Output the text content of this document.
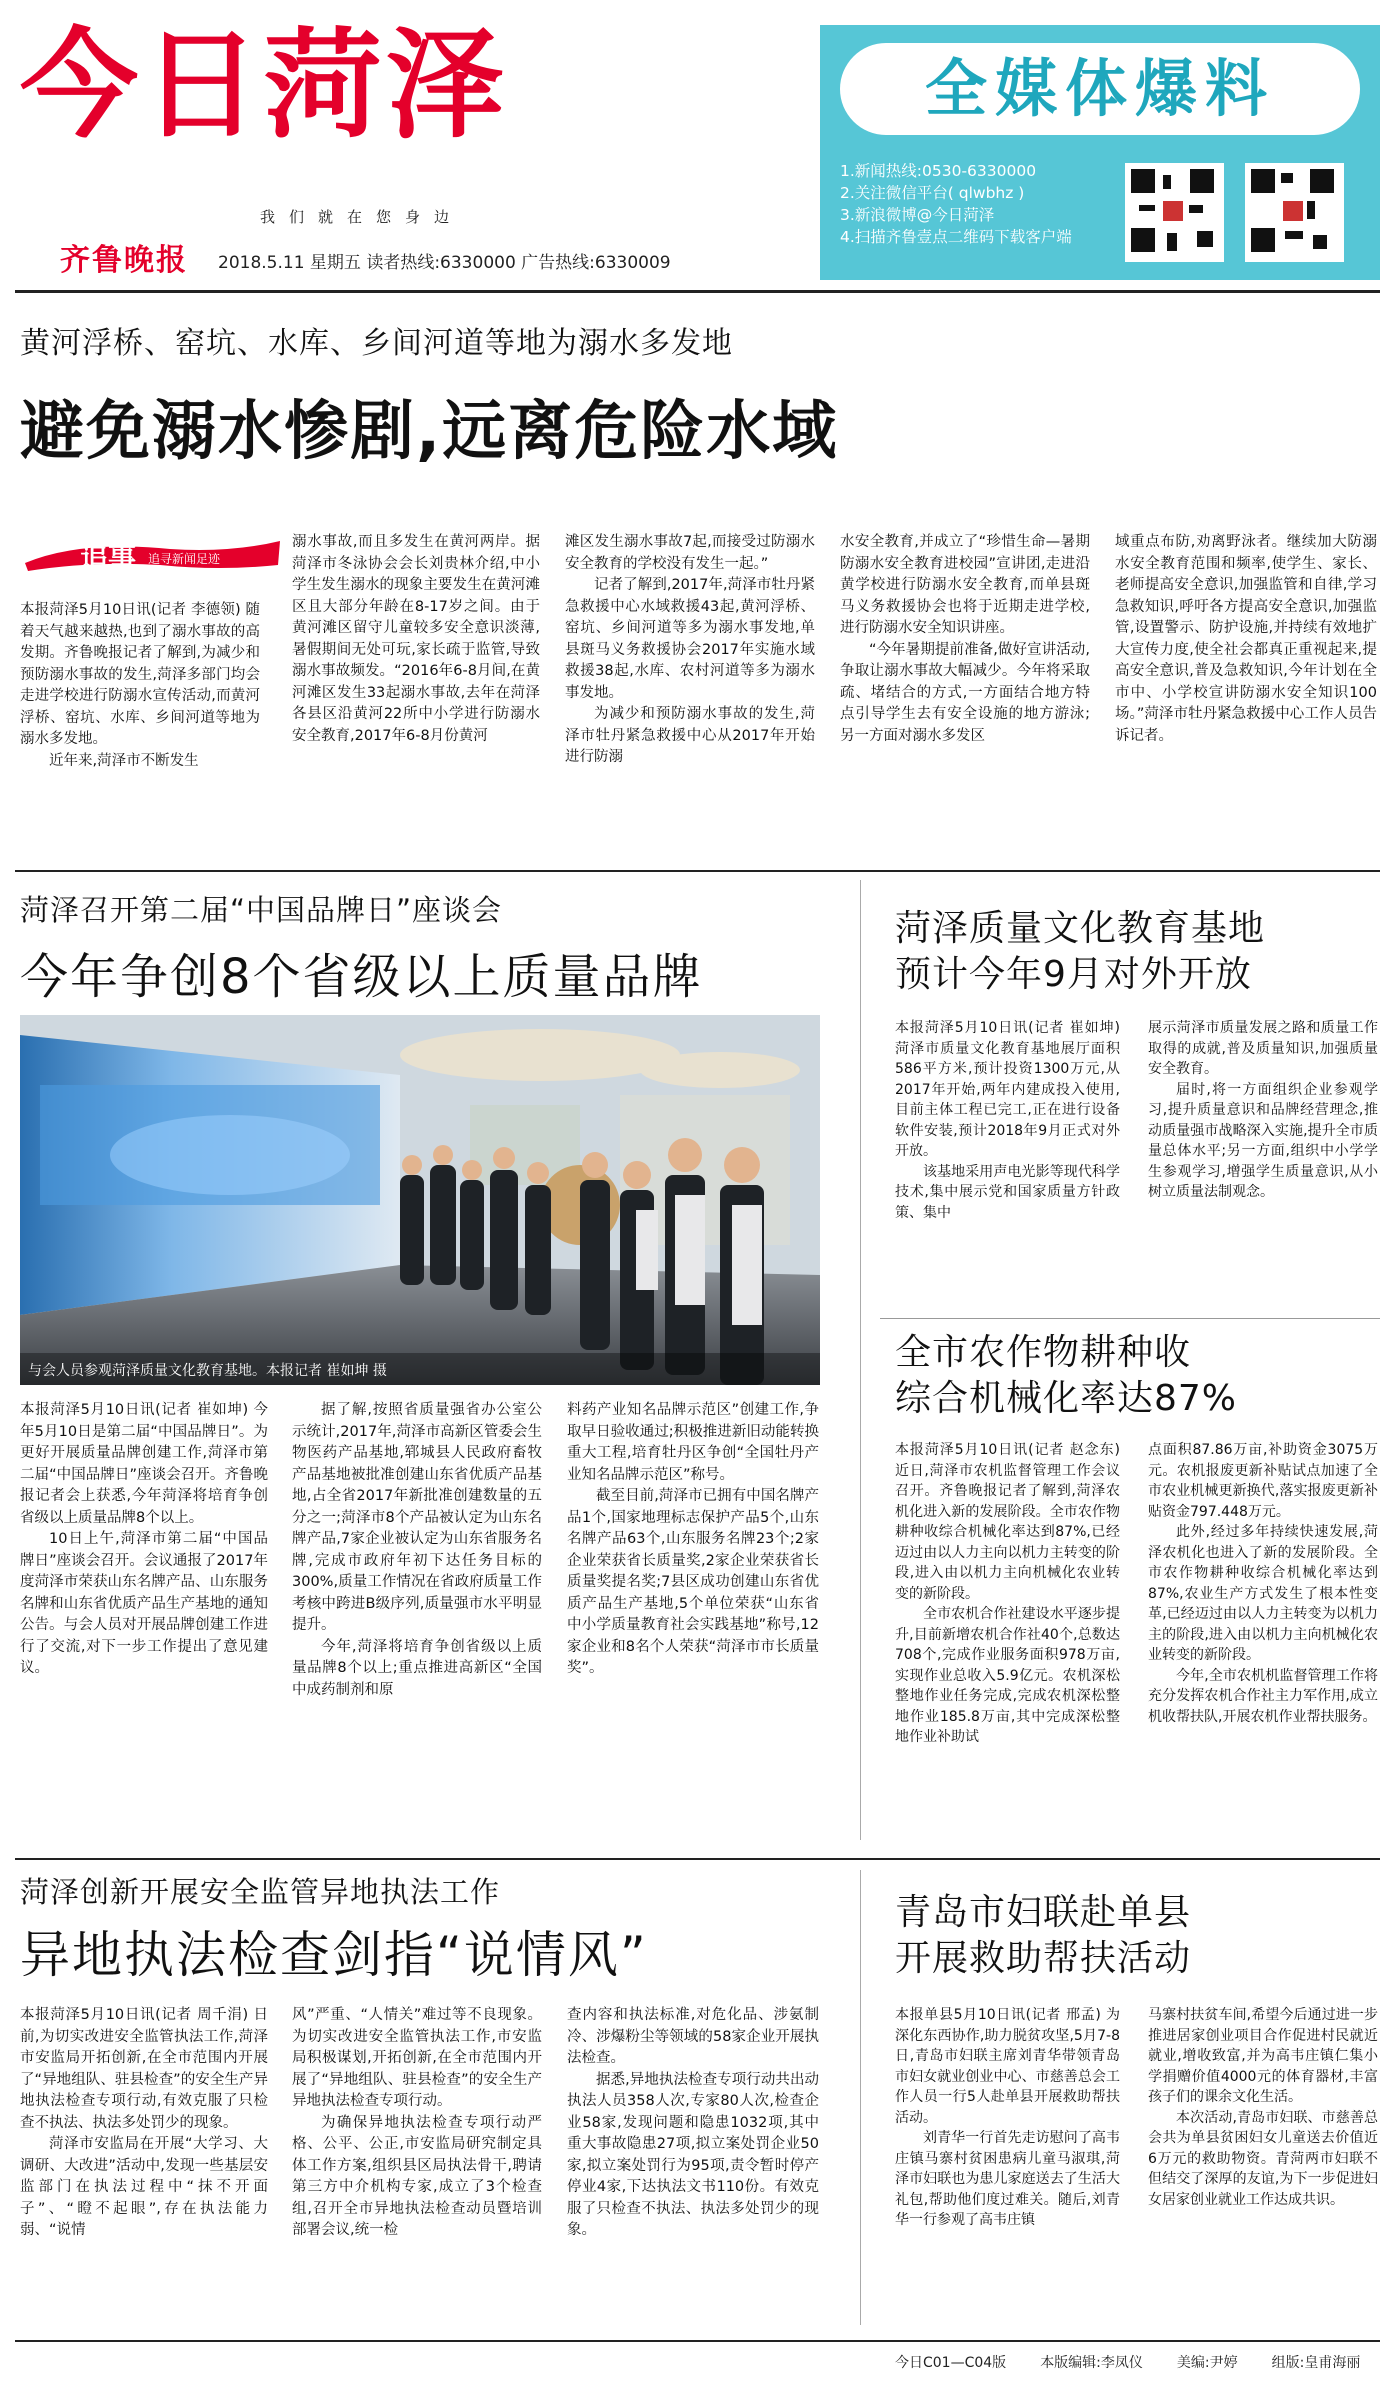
今日菏泽
我们就在您身边
齐鲁晚报 2018.5.11 星期五 读者热线:6330000 广告热线:6330009
全媒体爆料
1.新闻热线:0530-6330000
2.关注微信平台( qlwbhz )
3.新浪微博@今日菏泽
4.扫描齐鲁壹点二维码下载客户端
黄河浮桥、窑坑、水库、乡间河道等地为溺水多发地
避免溺水惨剧,远离危险水域
追事 追寻新闻足迹

本报菏泽5月10日讯(记者 李德领) 随着天气越来越热,也到了溺水事故的高发期。齐鲁晚报记者了解到,为减少和预防溺水事故的发生,菏泽多部门均会走进学校进行防溺水宣传活动,而黄河浮桥、窑坑、水库、乡间河道等地为溺水多发地。

近年来,菏泽市不断发生

溺水事故,而且多发生在黄河两岸。据菏泽市冬泳协会会长刘贵林介绍,中小学生发生溺水的现象主要发生在黄河滩区且大部分年龄在8-17岁之间。由于黄河滩区留守儿童较多安全意识淡薄,暑假期间无处可玩,家长疏于监管,导致溺水事故频发。“2016年6-8月间,在黄河滩区发生33起溺水事故,去年在菏泽各县区沿黄河22所中小学进行防溺水安全教育,2017年6-8月份黄河

滩区发生溺水事故7起,而接受过防溺水安全教育的学校没有发生一起。”

记者了解到,2017年,菏泽市牡丹紧急救援中心水域救援43起,黄河浮桥、窑坑、乡间河道等多为溺水事发地,单县斑马义务救援协会2017年实施水域救援38起,水库、农村河道等多为溺水事发地。

为减少和预防溺水事故的发生,菏泽市牡丹紧急救援中心从2017年开始进行防溺

水安全教育,并成立了“珍惜生命—暑期防溺水安全教育进校园”宣讲团,走进沿黄学校进行防溺水安全教育,而单县斑马义务救援协会也将于近期走进学校,进行防溺水安全知识讲座。

“今年暑期提前准备,做好宣讲活动,争取让溺水事故大幅减少。今年将采取疏、堵结合的方式,一方面结合地方特点引导学生去有安全设施的地方游泳;另一方面对溺水多发区

域重点布防,劝离野泳者。继续加大防溺水安全教育范围和频率,使学生、家长、老师提高安全意识,加强监管和自律,学习急救知识,呼吁各方提高安全意识,加强监管,设置警示、防护设施,并持续有效地扩大宣传力度,使全社会都真正重视起来,提高安全意识,普及急救知识,今年计划在全市中、小学校宣讲防溺水安全知识100场。”菏泽市牡丹紧急救援中心工作人员告诉记者。

菏泽召开第二届“中国品牌日”座谈会
今年争创8个省级以上质量品牌
与会人员参观菏泽质量文化教育基地。本报记者 崔如坤 摄

本报菏泽5月10日讯(记者 崔如坤) 今年5月10日是第二届“中国品牌日”。为更好开展质量品牌创建工作,菏泽市第二届“中国品牌日”座谈会召开。齐鲁晚报记者会上获悉,今年菏泽将培育争创省级以上质量品牌8个以上。

10日上午,菏泽市第二届“中国品牌日”座谈会召开。会议通报了2017年度菏泽市荣获山东名牌产品、山东服务名牌和山东省优质产品生产基地的通知公告。与会人员对开展品牌创建工作进行了交流,对下一步工作提出了意见建议。

据了解,按照省质量强省办公室公示统计,2017年,菏泽市高新区管委会生物医药产品基地,郓城县人民政府畜牧产品基地被批准创建山东省优质产品基地,占全省2017年新批准创建数量的五分之一;菏泽市8个产品被认定为山东名牌产品,7家企业被认定为山东省服务名牌,完成市政府年初下达任务目标的300%,质量工作情况在省政府质量工作考核中跨进B级序列,质量强市水平明显提升。

今年,菏泽将培育争创省级以上质量品牌8个以上;重点推进高新区“全国中成药制剂和原

料药产业知名品牌示范区”创建工作,争取早日验收通过;积极推进新旧动能转换重大工程,培育牡丹区争创“全国牡丹产业知名品牌示范区”称号。

截至目前,菏泽市已拥有中国名牌产品1个,国家地理标志保护产品5个,山东名牌产品63个,山东服务名牌23个;2家企业荣获省长质量奖,2家企业荣获省长质量奖提名奖;7县区成功创建山东省优质产品生产基地,5个单位荣获“山东省中小学质量教育社会实践基地”称号,12家企业和8名个人荣获“菏泽市市长质量奖”。

菏泽质量文化教育基地
预计今年9月对外开放

本报菏泽5月10日讯(记者 崔如坤) 菏泽市质量文化教育基地展厅面积586平方米,预计投资1300万元,从2017年开始,两年内建成投入使用,目前主体工程已完工,正在进行设备软件安装,预计2018年9月正式对外开放。

该基地采用声电光影等现代科学技术,集中展示党和国家质量方针政策、集中

展示菏泽市质量发展之路和质量工作取得的成就,普及质量知识,加强质量安全教育。

届时,将一方面组织企业参观学习,提升质量意识和品牌经营理念,推动质量强市战略深入实施,提升全市质量总体水平;另一方面,组织中小学学生参观学习,增强学生质量意识,从小树立质量法制观念。

全市农作物耕种收
综合机械化率达87%

本报菏泽5月10日讯(记者 赵念东) 近日,菏泽市农机监督管理工作会议召开。齐鲁晚报记者了解到,菏泽农机化进入新的发展阶段。全市农作物耕种收综合机械化率达到87%,已经迈过由以人力主向以机力主转变的阶段,进入由以机力主向机械化农业转变的新阶段。

全市农机合作社建设水平逐步提升,目前新增农机合作社40个,总数达708个,完成作业服务面积978万亩,实现作业总收入5.9亿元。农机深松整地作业任务完成,完成农机深松整地作业185.8万亩,其中完成深松整地作业补助试

点面积87.86万亩,补助资金3075万元。农机报废更新补贴试点加速了全市农业机械更新换代,落实报废更新补贴资金797.448万元。

此外,经过多年持续快速发展,菏泽农机化也进入了新的发展阶段。全市农作物耕种收综合机械化率达到87%,农业生产方式发生了根本性变革,已经迈过由以人力主转变为以机力主的阶段,进入由以机力主向机械化农业转变的新阶段。

今年,全市农机机监督管理工作将充分发挥农机合作社主力军作用,成立机收帮扶队,开展农机作业帮扶服务。

菏泽创新开展安全监管异地执法工作
异地执法检查剑指“说情风”

本报菏泽5月10日讯(记者 周千涓) 日前,为切实改进安全监管执法工作,菏泽市安监局开拓创新,在全市范围内开展了“异地组队、驻县检查”的安全生产异地执法检查专项行动,有效克服了只检查不执法、执法多处罚少的现象。

菏泽市安监局在开展“大学习、大调研、大改进”活动中,发现一些基层安监部门在执法过程中“抹不开面子”、“瞪不起眼”,存在执法能力弱、“说情

风”严重、“人情关”难过等不良现象。为切实改进安全监管执法工作,市安监局积极谋划,开拓创新,在全市范围内开展了“异地组队、驻县检查”的安全生产异地执法检查专项行动。

为确保异地执法检查专项行动严格、公平、公正,市安监局研究制定具体工作方案,组织县区局执法骨干,聘请第三方中介机构专家,成立了3个检查组,召开全市异地执法检查动员暨培训部署会议,统一检

查内容和执法标准,对危化品、涉氨制冷、涉爆粉尘等领域的58家企业开展执法检查。

据悉,异地执法检查专项行动共出动执法人员358人次,专家80人次,检查企业58家,发现问题和隐患1032项,其中重大事故隐患27项,拟立案处罚企业50家,拟立案处罚行为95项,责令暂时停产停业4家,下达执法文书110份。有效克服了只检查不执法、执法多处罚少的现象。

青岛市妇联赴单县
开展救助帮扶活动

本报单县5月10日讯(记者 邢孟) 为深化东西协作,助力脱贫攻坚,5月7-8日,青岛市妇联主席刘青华带领青岛市妇女就业创业中心、市慈善总会工作人员一行5人赴单县开展救助帮扶活动。

刘青华一行首先走访慰问了高韦庄镇马寨村贫困患病儿童马淑琪,菏泽市妇联也为患儿家庭送去了生活大礼包,帮助他们度过难关。随后,刘青华一行参观了高韦庄镇

马寨村扶贫车间,希望今后通过进一步推进居家创业项目合作促进村民就近就业,增收致富,并为高韦庄镇仁集小学捐赠价值4000元的体育器材,丰富孩子们的课余文化生活。

本次活动,青岛市妇联、市慈善总会共为单县贫困妇女儿童送去价值近6万元的救助物资。青菏两市妇联不但结交了深厚的友谊,为下一步促进妇女居家创业就业工作达成共识。

今日C01—C04版 本版编辑:李凤仪 美编:尹婷 组版:皇甫海丽
